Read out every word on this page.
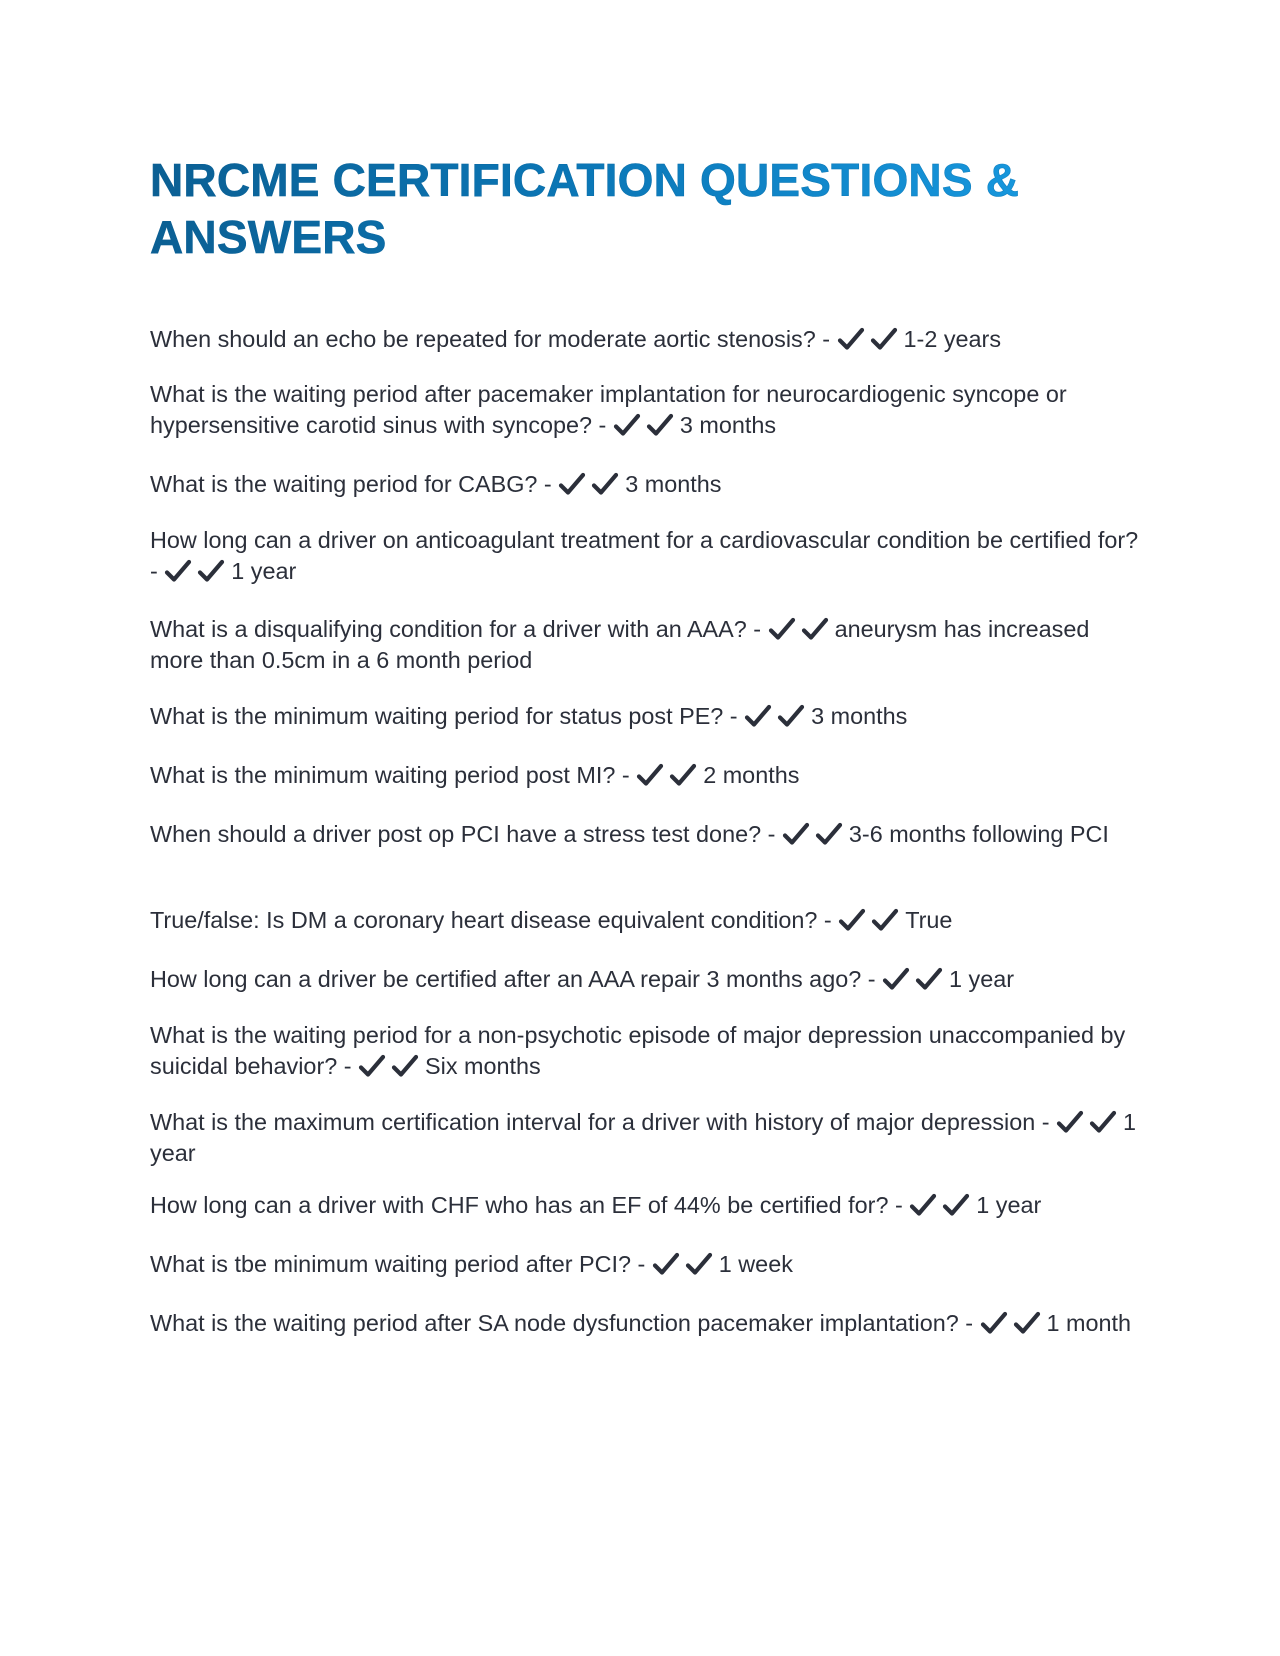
NRCME CERTIFICATION QUESTIONS & ANSWERS

When should an echo be repeated for moderate aortic stenosis? -	1-2 years

What is the waiting period after pacemaker implantation for neurocardiogenic syncope or hypersensitive carotid sinus with syncope? -	3 months

What is the waiting period for CABG? -	3 months

How long can a driver on anticoagulant treatment for a cardiovascular condition be certified for? -	1 year

What is a disqualifying condition for a driver with an AAA? -	aneurysm has increased more than 0.5cm in a 6 month period

What is the minimum waiting period for status post PE? -	3 months

What is the minimum waiting period post MI? -	2 months

When should a driver post op PCI have a stress test done? -	3-6 months following PCI

True/false: Is DM a coronary heart disease equivalent condition? -	True

How long can a driver be certified after an AAA repair 3 months ago? -	1 year

What is the waiting period for a non-psychotic episode of major depression unaccompanied by suicidal behavior? -	Six months

What is the maximum certification interval for a driver with history of major depression -	1 year

How long can a driver with CHF who has an EF of 44% be certified for? -	1 year

What is tbe minimum waiting period after PCI? -	1 week

What is the waiting period after SA node dysfunction pacemaker implantation? -	1 month
